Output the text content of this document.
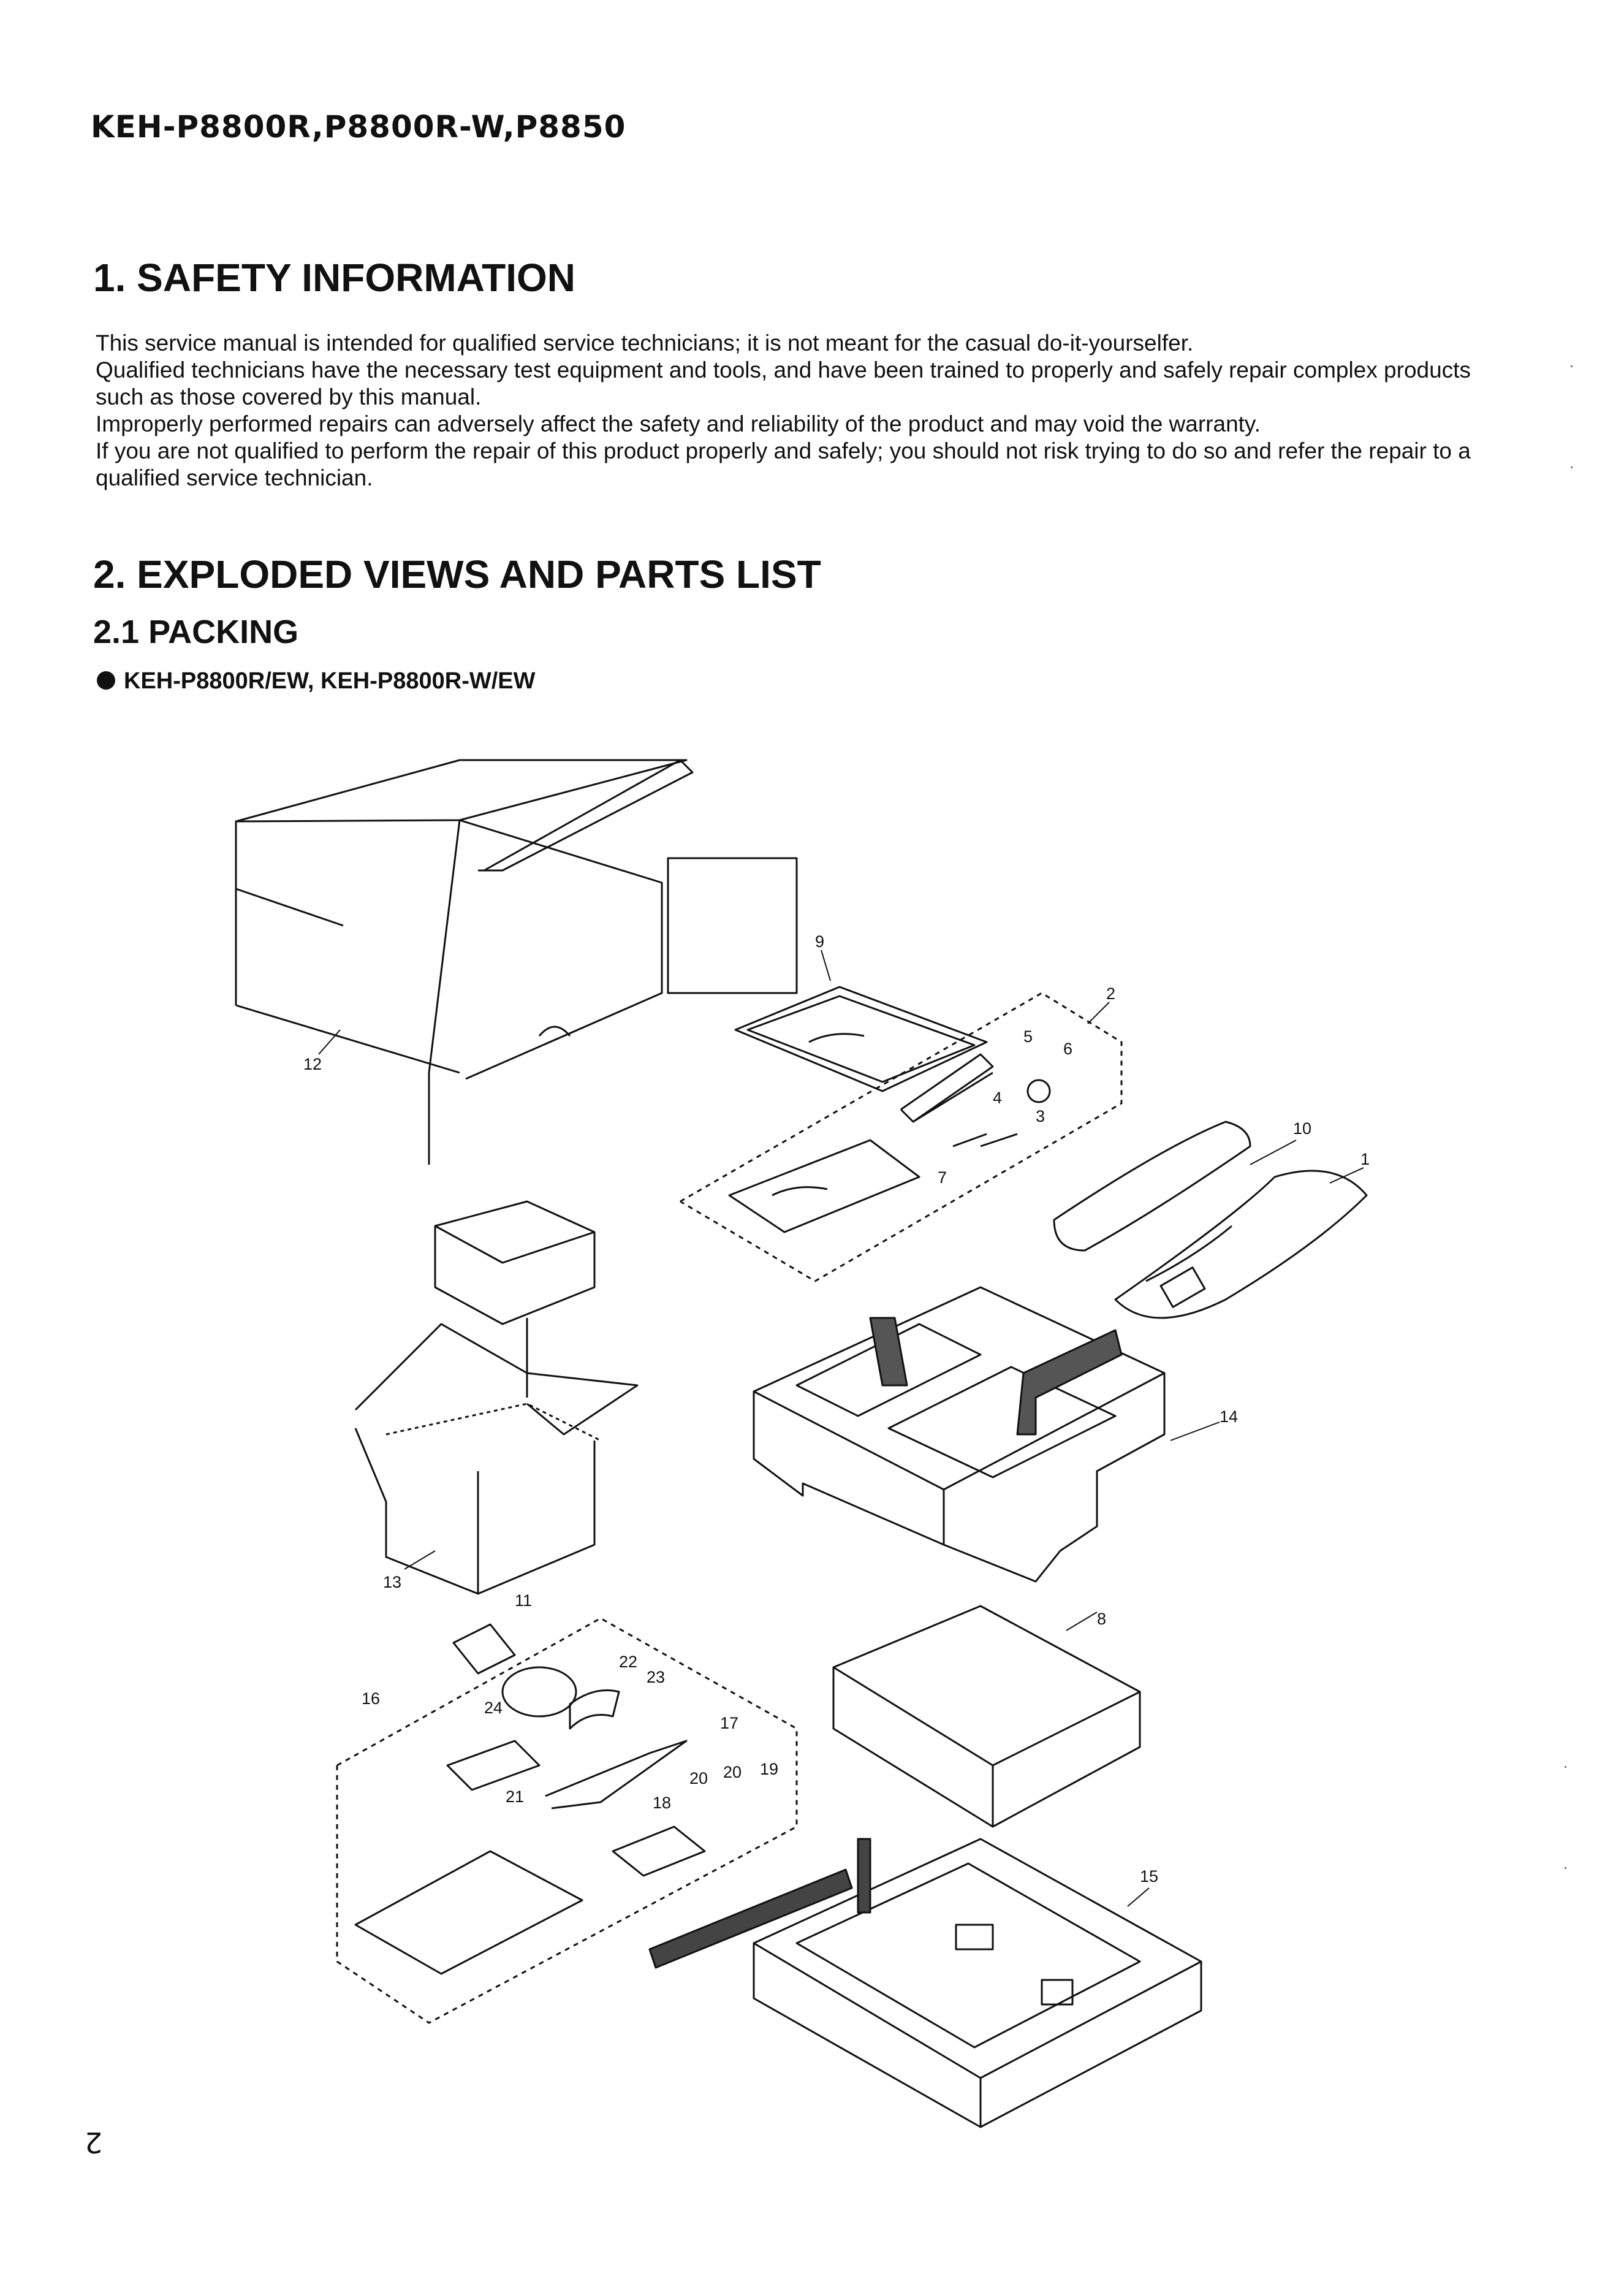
KEH-P8800R,P8800R-W,P8850
1. SAFETY INFORMATION

This service manual is intended for qualified service technicians; it is not meant for the casual do-it-yourselfer.

Qualified technicians have the necessary test equipment and tools, and have been trained to properly and safely repair complex products such as those covered by this manual.

Improperly performed repairs can adversely affect the safety and reliability of the product and may void the warranty.

If you are not qualified to perform the repair of this product properly and safely; you should not risk trying to do so and refer the repair to a qualified service technician.

2. EXPLODED VIEWS AND PARTS LIST
2.1 PACKING
KEH-P8800R/EW, KEH-P8800R-W/EW
1
2
3
4
5
6
7
8
9
10
11
12
13
14
15
16
17
18
19
20 20
21
22
23
24
2
·
·
·
·
